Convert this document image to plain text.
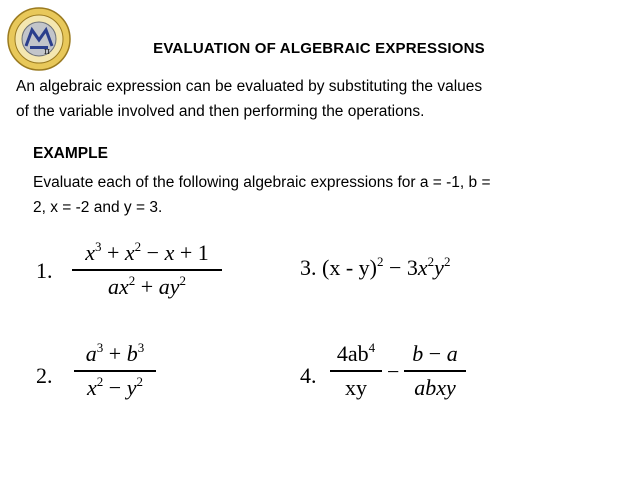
π	EVALUATION OF ALGEBRAIC EXPRESSIONS
An algebraic expression can be evaluated by substituting the values
of the variable involved and then performing the operations.
EXAMPLE
Evaluate each of the following algebraic expressions for a = -1, b =
2, x = -2 and y = 3.
1.
$x^3 + x^2 - x + 1$
$ax^2 + ay^2$	3. $(x - y)^2 - 3x^2y^2$
2.
$a^3 + b^3$
$x^2 - y^2$	4.
$4ab^4$
xy
−
b − a
abxy
